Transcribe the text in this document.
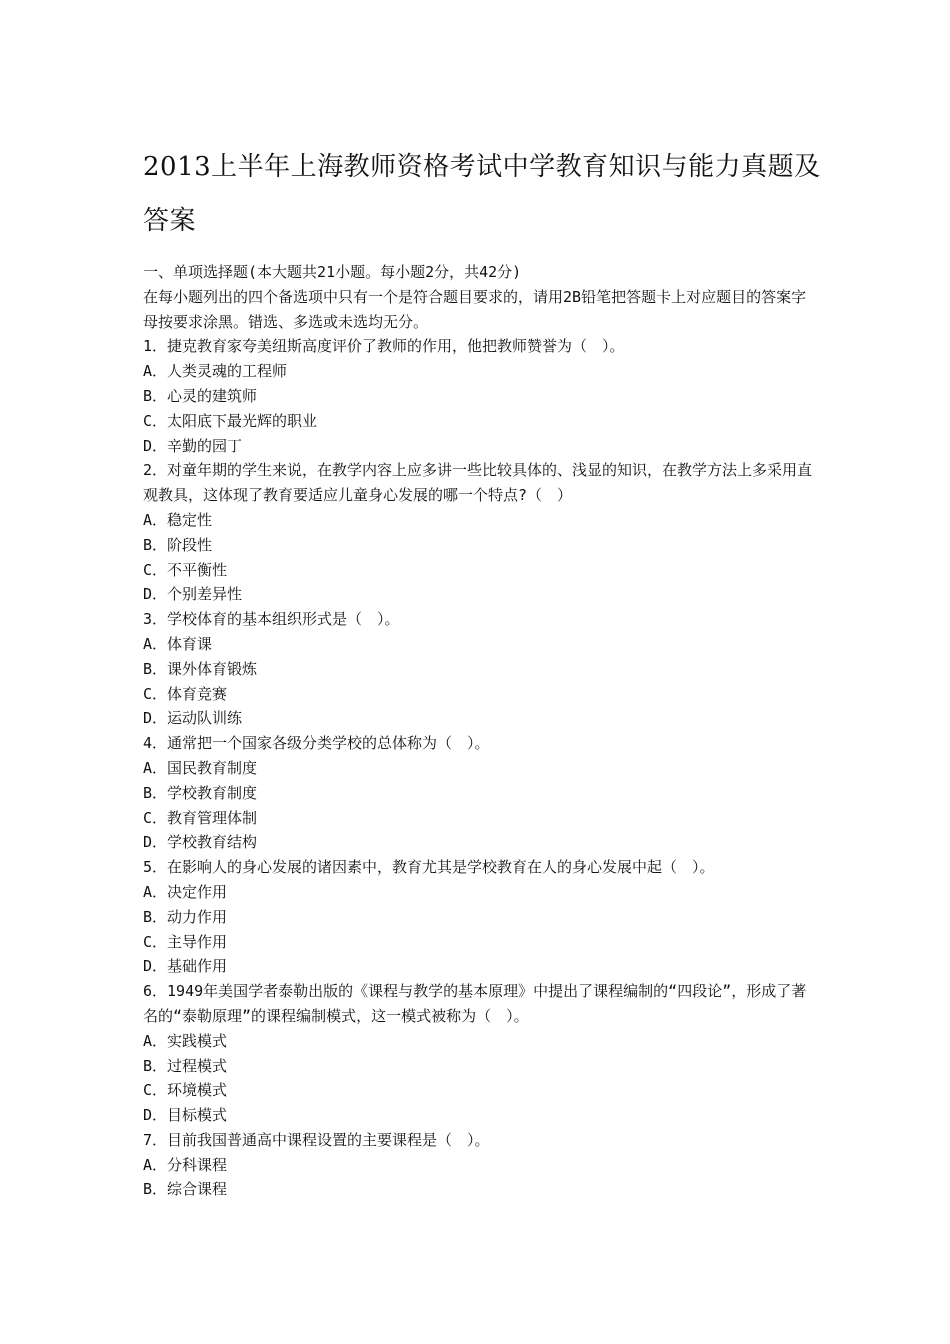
2013上半年上海教师资格考试中学教育知识与能力真题及答案

一、单项选择题(本大题共21小题。每小题2分，共42分)

在每小题列出的四个备选项中只有一个是符合题目要求的，请用2B铅笔把答题卡上对应题目的答案字母按要求涂黑。错选、多选或未选均无分。

1．捷克教育家夸美纽斯高度评价了教师的作用，他把教师赞誉为（　）。

A．人类灵魂的工程师

B．心灵的建筑师

C．太阳底下最光辉的职业

D．辛勤的园丁

2．对童年期的学生来说，在教学内容上应多讲一些比较具体的、浅显的知识，在教学方法上多采用直观教具，这体现了教育要适应儿童身心发展的哪一个特点?（　）

A．稳定性

B．阶段性

C．不平衡性

D．个别差异性

3．学校体育的基本组织形式是（　）。

A．体育课

B．课外体育锻炼

C．体育竞赛

D．运动队训练

4．通常把一个国家各级分类学校的总体称为（　）。

A．国民教育制度

B．学校教育制度

C．教育管理体制

D．学校教育结构

5．在影响人的身心发展的诸因素中，教育尤其是学校教育在人的身心发展中起（　）。

A．决定作用

B．动力作用

C．主导作用

D．基础作用

6．1949年美国学者泰勒出版的《课程与教学的基本原理》中提出了课程编制的“四段论”，形成了著名的“泰勒原理”的课程编制模式，这一模式被称为（　）。

A．实践模式

B．过程模式

C．环境模式

D．目标模式

7．目前我国普通高中课程设置的主要课程是（　）。

A．分科课程

B．综合课程
